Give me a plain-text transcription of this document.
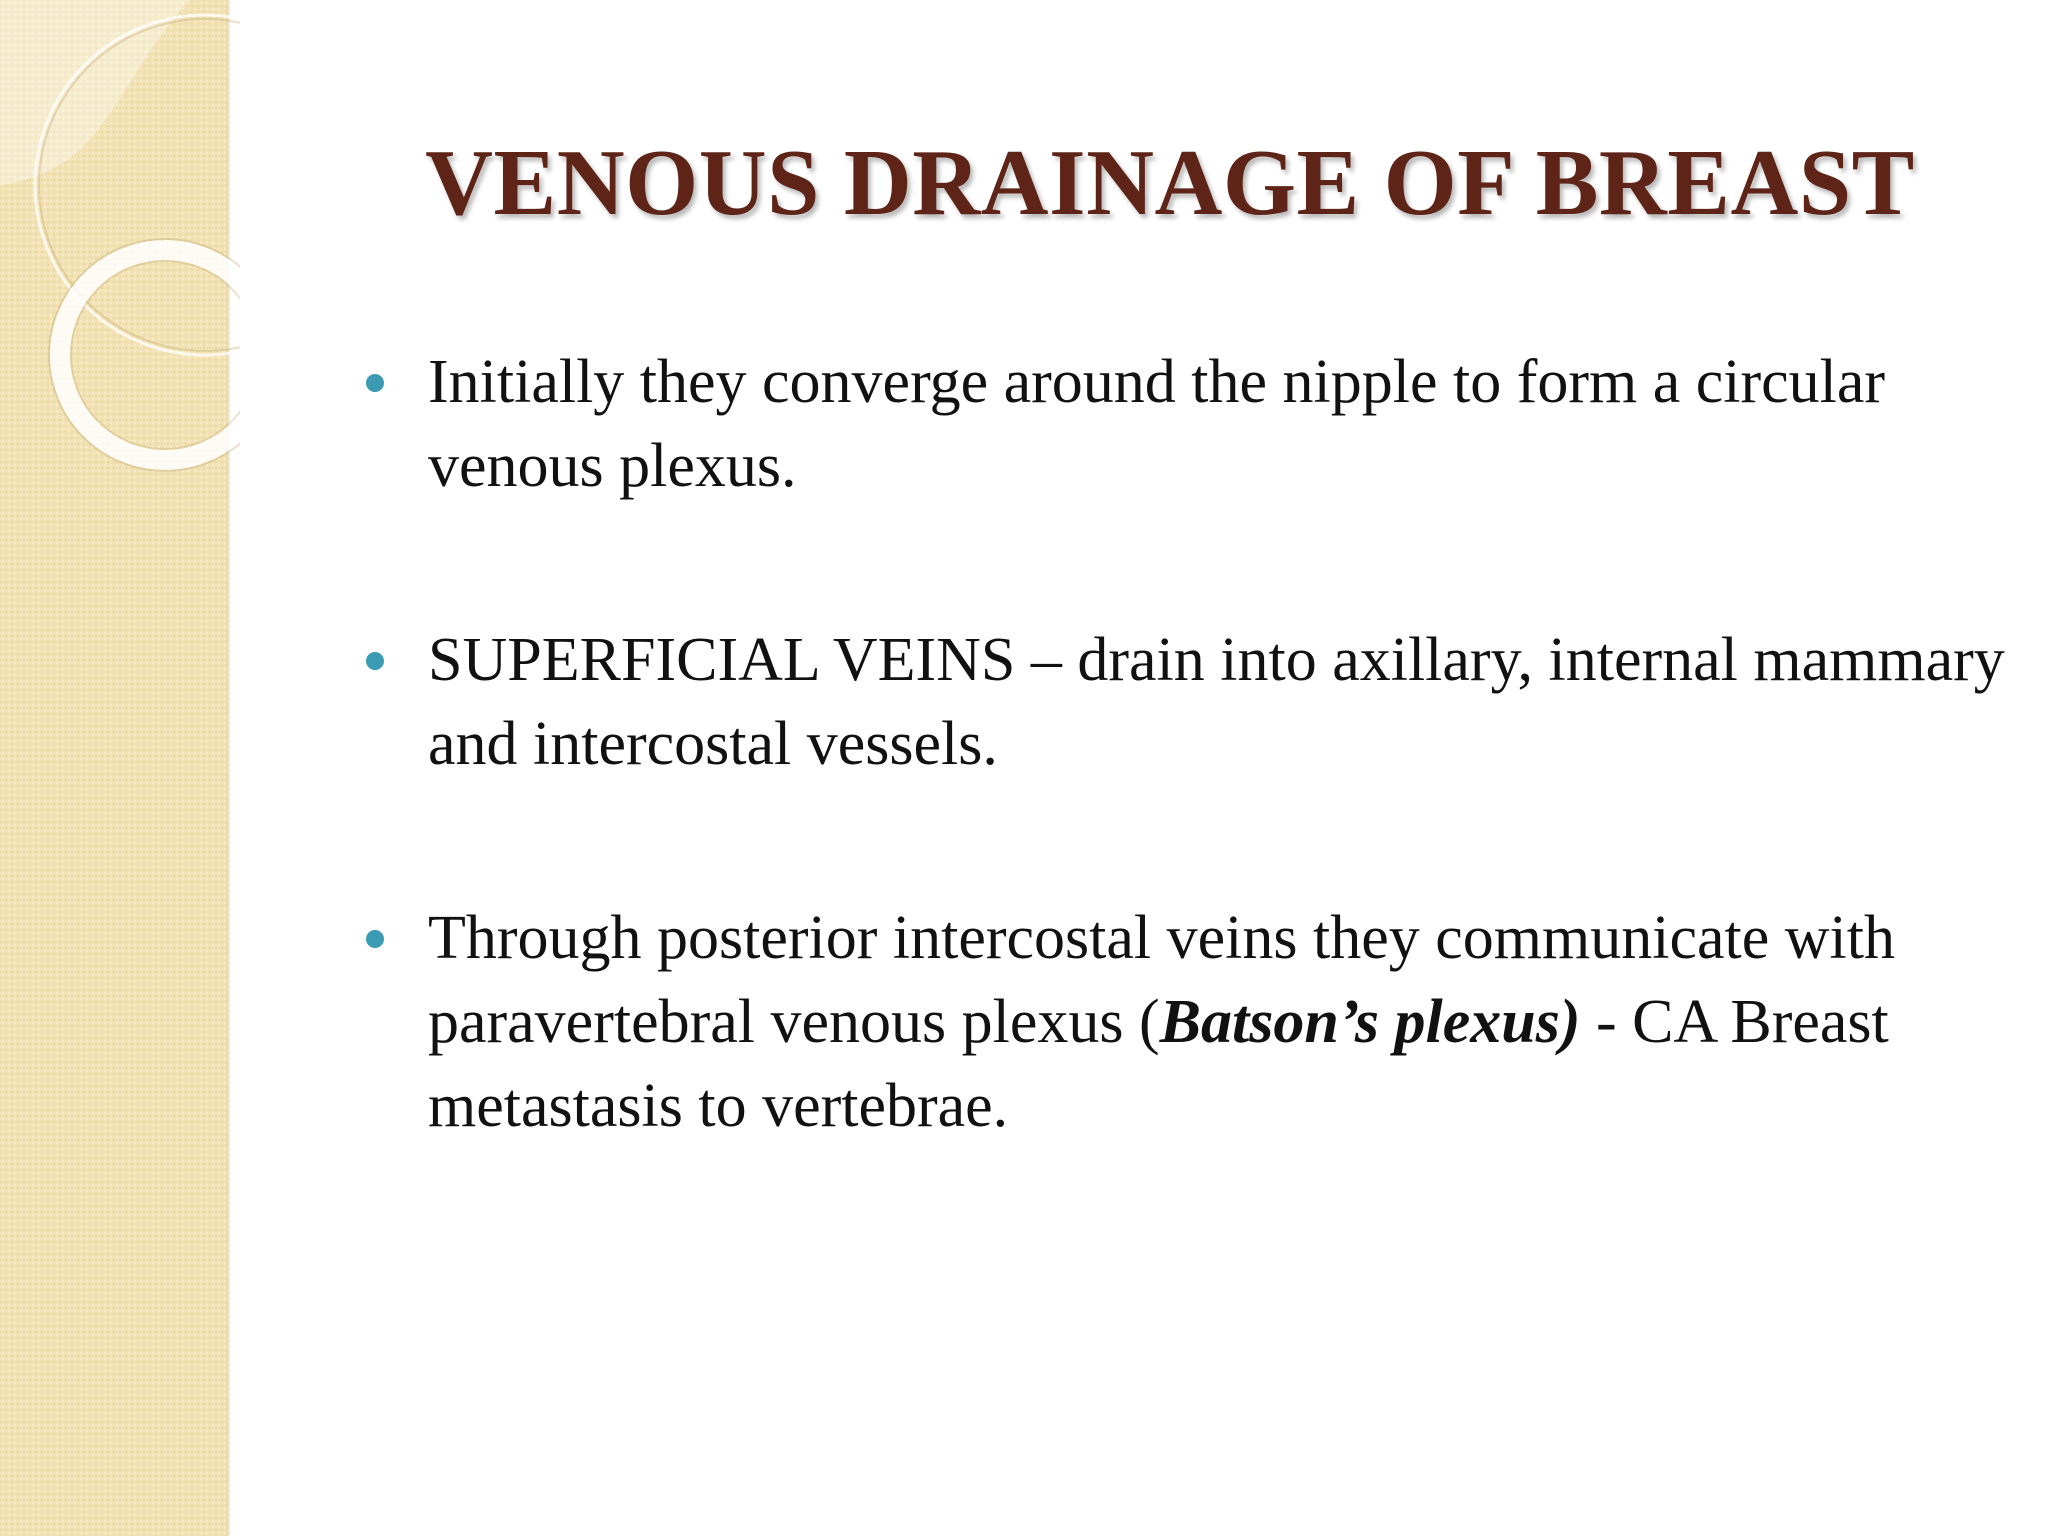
VENOUS DRAINAGE OF BREAST
Initially they converge around the nipple to form a circular venous plexus.
SUPERFICIAL VEINS – drain into axillary, internal mammary and intercostal vessels.
Through posterior intercostal veins they communicate with paravertebral venous plexus (Batson’s plexus) - CA Breast metastasis to vertebrae.
